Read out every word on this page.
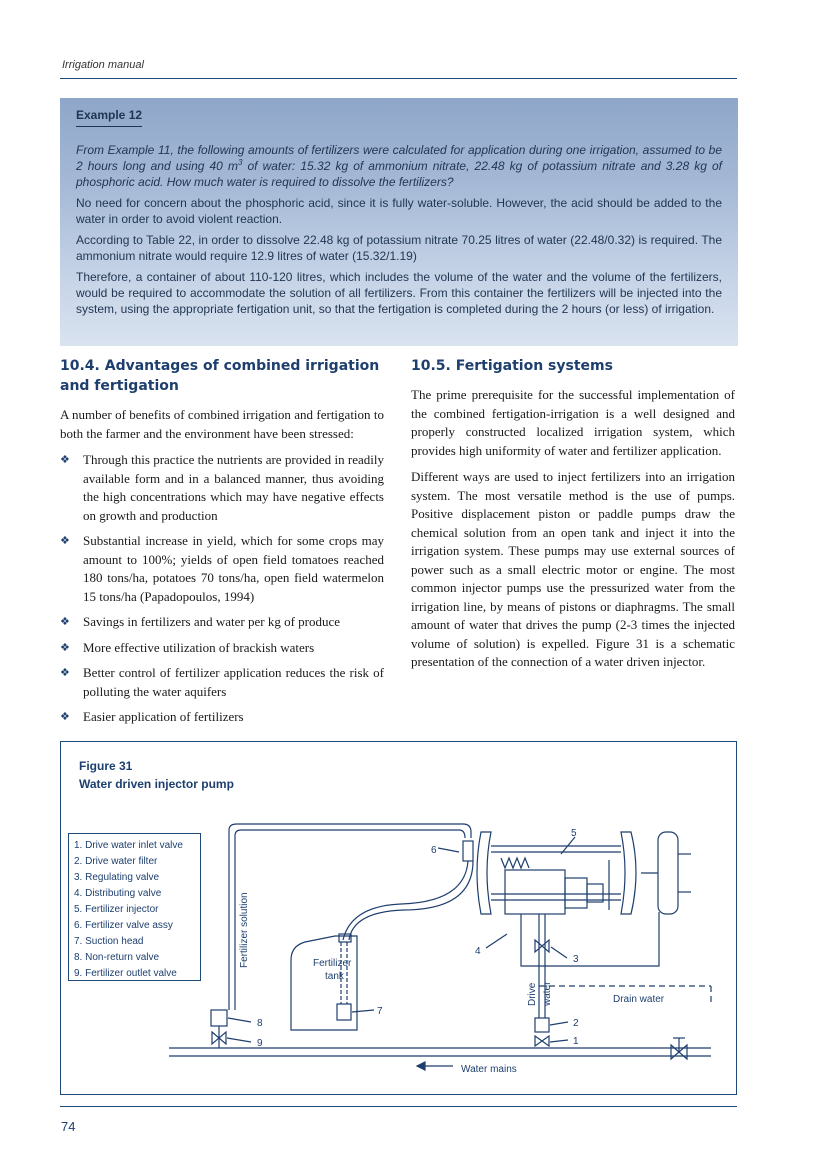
Irrigation manual
Example 12

From Example 11, the following amounts of fertilizers were calculated for application during one irrigation, assumed to be 2 hours long and using 40 $m^3$ of water: 15.32 kg of ammonium nitrate, 22.48 kg of potassium nitrate and 3.28 kg of phosphoric acid. How much water is required to dissolve the fertilizers?

No need for concern about the phosphoric acid, since it is fully water-soluble. However, the acid should be added to the water in order to avoid violent reaction.

According to Table 22, in order to dissolve 22.48 kg of potassium nitrate 70.25 litres of water (22.48/0.32) is required. The ammonium nitrate would require 12.9 litres of water (15.32/1.19)

Therefore, a container of about 110-120 litres, which includes the volume of the water and the volume of the fertilizers, would be required to accommodate the solution of all fertilizers. From this container the fertilizers will be injected into the system, using the appropriate fertigation unit, so that the fertigation is completed during the 2 hours (or less) of irrigation.

10.4. Advantages of combined irrigation and fertigation

A number of benefits of combined irrigation and fertigation to both the farmer and the environment have been stressed:

❖ Through this practice the nutrients are provided in readily available form and in a balanced manner, thus avoiding the high concentrations which may have negative effects on growth and production
❖ Substantial increase in yield, which for some crops may amount to 100%; yields of open field tomatoes reached 180 tons/ha, potatoes 70 tons/ha, open field watermelon 15 tons/ha (Papadopoulos, 1994)
❖ Savings in fertilizers and water per kg of produce
❖ More effective utilization of brackish waters
❖ Better control of fertilizer application reduces the risk of polluting the water aquifers
❖ Easier application of fertilizers
10.5. Fertigation systems

The prime prerequisite for the successful implementation of the combined fertigation-irrigation is a well designed and properly constructed localized irrigation system, which provides high uniformity of water and fertilizer application.

Different ways are used to inject fertilizers into an irrigation system. The most versatile method is the use of pumps. Positive displacement piston or paddle pumps draw the chemical solution from an open tank and inject it into the irrigation system. These pumps may use external sources of power such as a small electric motor or engine. The most common injector pumps use the pressurized water from the irrigation line, by means of pistons or diaphragms. The small amount of water that drives the pump (2-3 times the injected volume of solution) is expelled. Figure 31 is a schematic presentation of the connection of a water driven injector.

Fertilizer solution	Fertilizer
tank
Drive water	Drain water
Water mains
5
6
4
3
8
9
7
2
1
Figure 31
Water driven injector pump
1. Drive water inlet valve
2. Drive water filter
3. Regulating valve
4. Distributing valve
5. Fertilizer injector
6. Fertilizer valve assy
7. Suction head
8. Non-return valve
9. Fertilizer outlet valve
74
